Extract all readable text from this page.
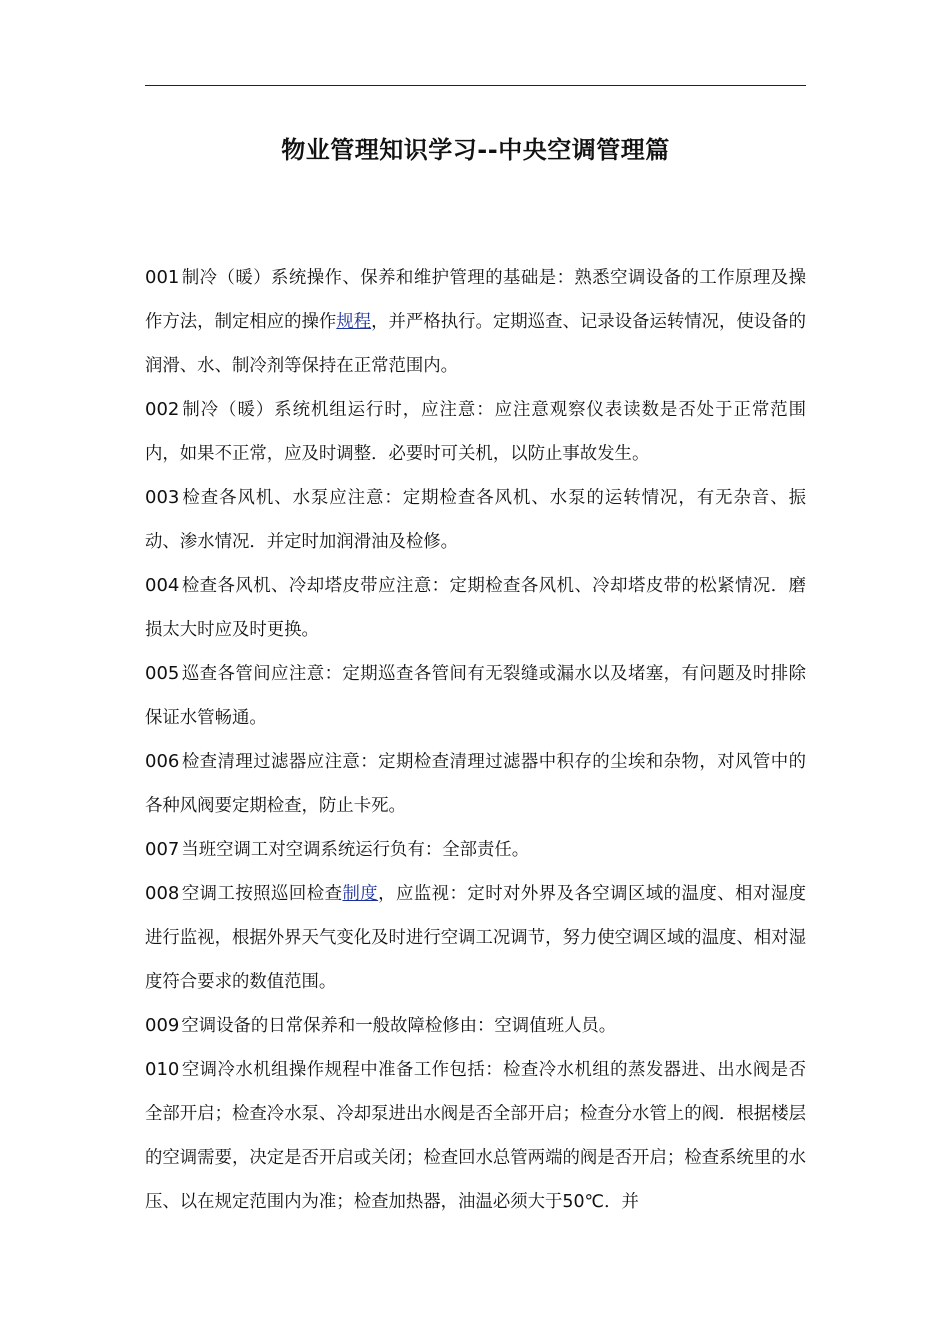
物业管理知识学习--中央空调管理篇

001 制冷（暖）系统操作、保养和维护管理的基础是：熟悉空调设备的工作原理及操作方法，制定相应的操作规程，并严格执行。定期巡查、记录设备运转情况，使设备的润滑、水、制冷剂等保持在正常范围内。

002 制冷（暖）系统机组运行时，应注意：应注意观察仪表读数是否处于正常范围内，如果不正常，应及时调整．必要时可关机，以防止事故发生。

003 检查各风机、水泵应注意：定期检查各风机、水泵的运转情况，有无杂音、振动、渗水情况．并定时加润滑油及检修。

004 检查各风机、冷却塔皮带应注意：定期检查各风机、冷却塔皮带的松紧情况．磨损太大时应及时更换。

005 巡查各管间应注意：定期巡查各管间有无裂缝或漏水以及堵塞，有问题及时排除保证水管畅通。

006 检查清理过滤器应注意：定期检查清理过滤器中积存的尘埃和杂物，对风管中的各种风阀要定期检查，防止卡死。

007 当班空调工对空调系统运行负有：全部责任。

008 空调工按照巡回检查制度，应监视：定时对外界及各空调区域的温度、相对湿度进行监视，根据外界天气变化及时进行空调工况调节，努力使空调区域的温度、相对湿度符合要求的数值范围。

009 空调设备的日常保养和一般故障检修由：空调值班人员。

010 空调冷水机组操作规程中准备工作包括：检查冷水机组的蒸发器进、出水阀是否全部开启；检查冷水泵、冷却泵进出水阀是否全部开启；检查分水管上的阀．根据楼层的空调需要，决定是否开启或关闭；检查回水总管两端的阀是否开启；检查系统里的水压、以在规定范围内为准；检查加热器，油温必须大于50℃．并
